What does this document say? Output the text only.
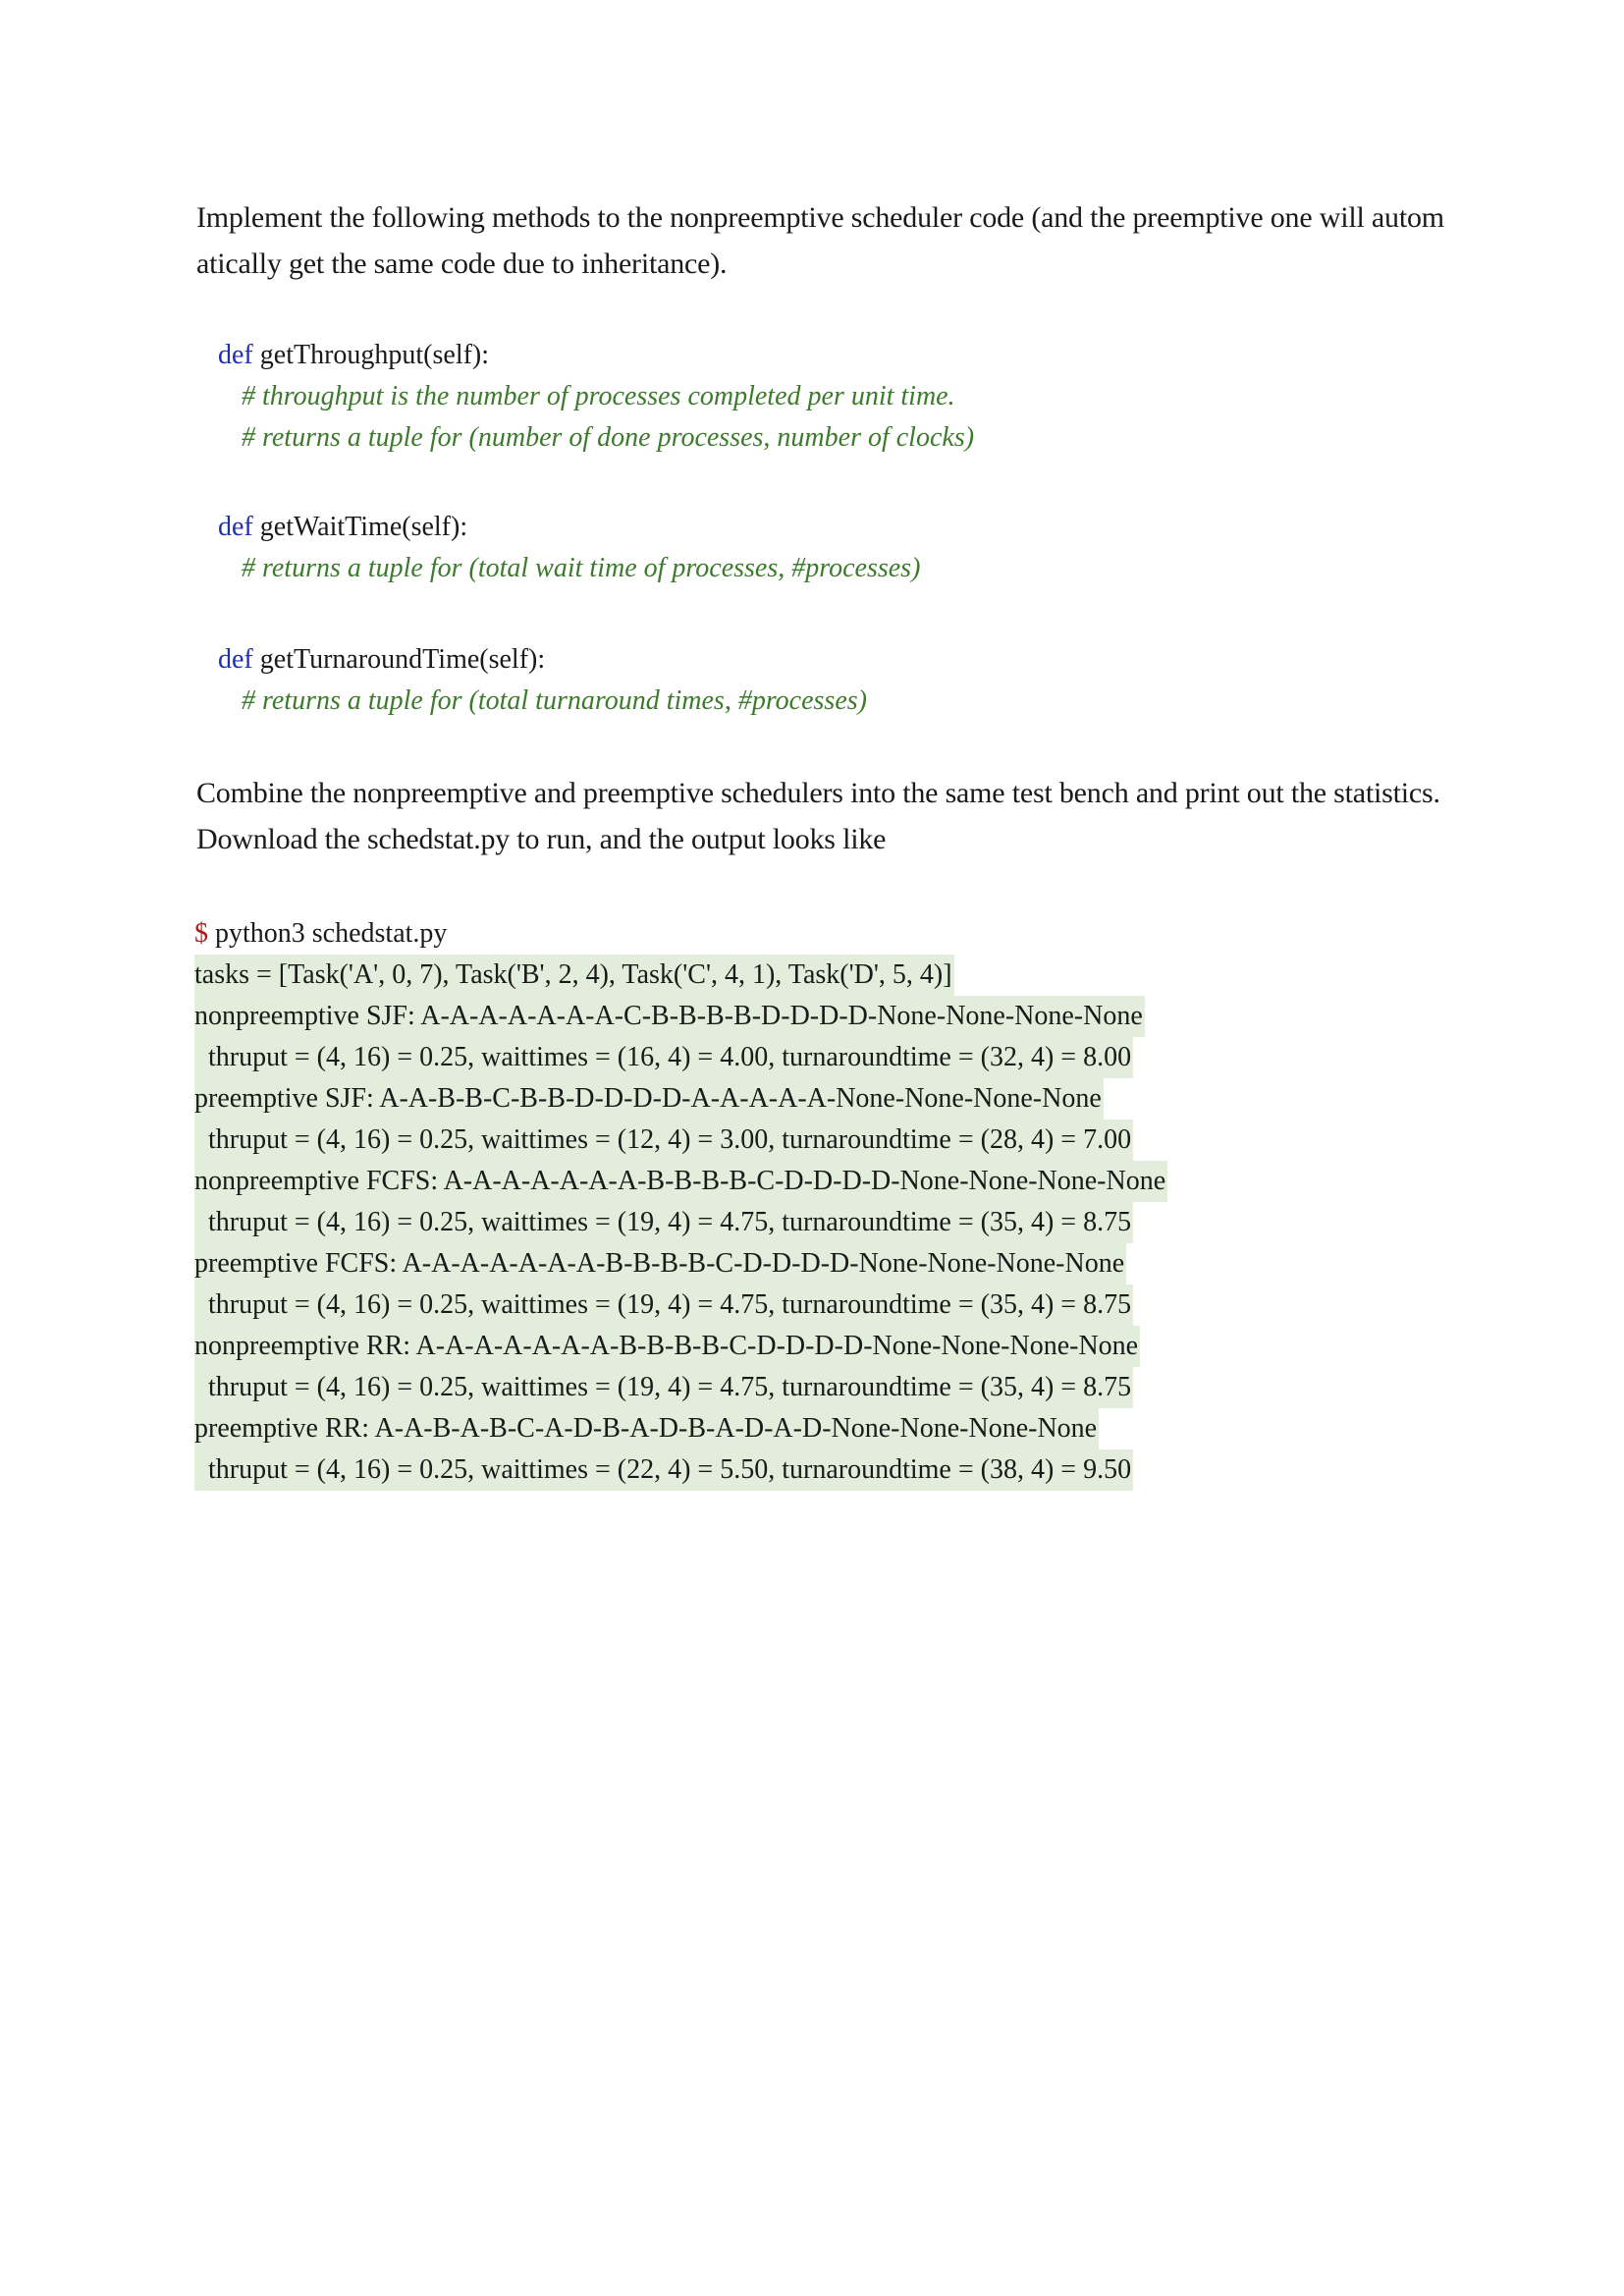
Implement the following methods to the nonpreemptive scheduler code (and the preemptive one will autom
atically get the same code due to inheritance).

def getThroughput(self):
# throughput is the number of processes completed per unit time.
# returns a tuple for (number of done processes, number of clocks)
def getWaitTime(self):
# returns a tuple for (total wait time of processes, #processes)
def getTurnaroundTime(self):
# returns a tuple for (total turnaround times, #processes)

Combine the nonpreemptive and preemptive schedulers into the same test bench and print out the statistics.
Download the schedstat.py to run, and the output looks like

$ python3 schedstat.py
tasks = [Task('A', 0, 7), Task('B', 2, 4), Task('C', 4, 1), Task('D', 5, 4)]
nonpreemptive SJF: A-A-A-A-A-A-A-C-B-B-B-B-D-D-D-D-None-None-None-None
thruput = (4, 16) = 0.25, waittimes = (16, 4) = 4.00, turnaroundtime = (32, 4) = 8.00
preemptive SJF: A-A-B-B-C-B-B-D-D-D-D-A-A-A-A-A-None-None-None-None
thruput = (4, 16) = 0.25, waittimes = (12, 4) = 3.00, turnaroundtime = (28, 4) = 7.00
nonpreemptive FCFS: A-A-A-A-A-A-A-B-B-B-B-C-D-D-D-D-None-None-None-None
thruput = (4, 16) = 0.25, waittimes = (19, 4) = 4.75, turnaroundtime = (35, 4) = 8.75
preemptive FCFS: A-A-A-A-A-A-A-B-B-B-B-C-D-D-D-D-None-None-None-None
thruput = (4, 16) = 0.25, waittimes = (19, 4) = 4.75, turnaroundtime = (35, 4) = 8.75
nonpreemptive RR: A-A-A-A-A-A-A-B-B-B-B-C-D-D-D-D-None-None-None-None
thruput = (4, 16) = 0.25, waittimes = (19, 4) = 4.75, turnaroundtime = (35, 4) = 8.75
preemptive RR: A-A-B-A-B-C-A-D-B-A-D-B-A-D-A-D-None-None-None-None
thruput = (4, 16) = 0.25, waittimes = (22, 4) = 5.50, turnaroundtime = (38, 4) = 9.50
